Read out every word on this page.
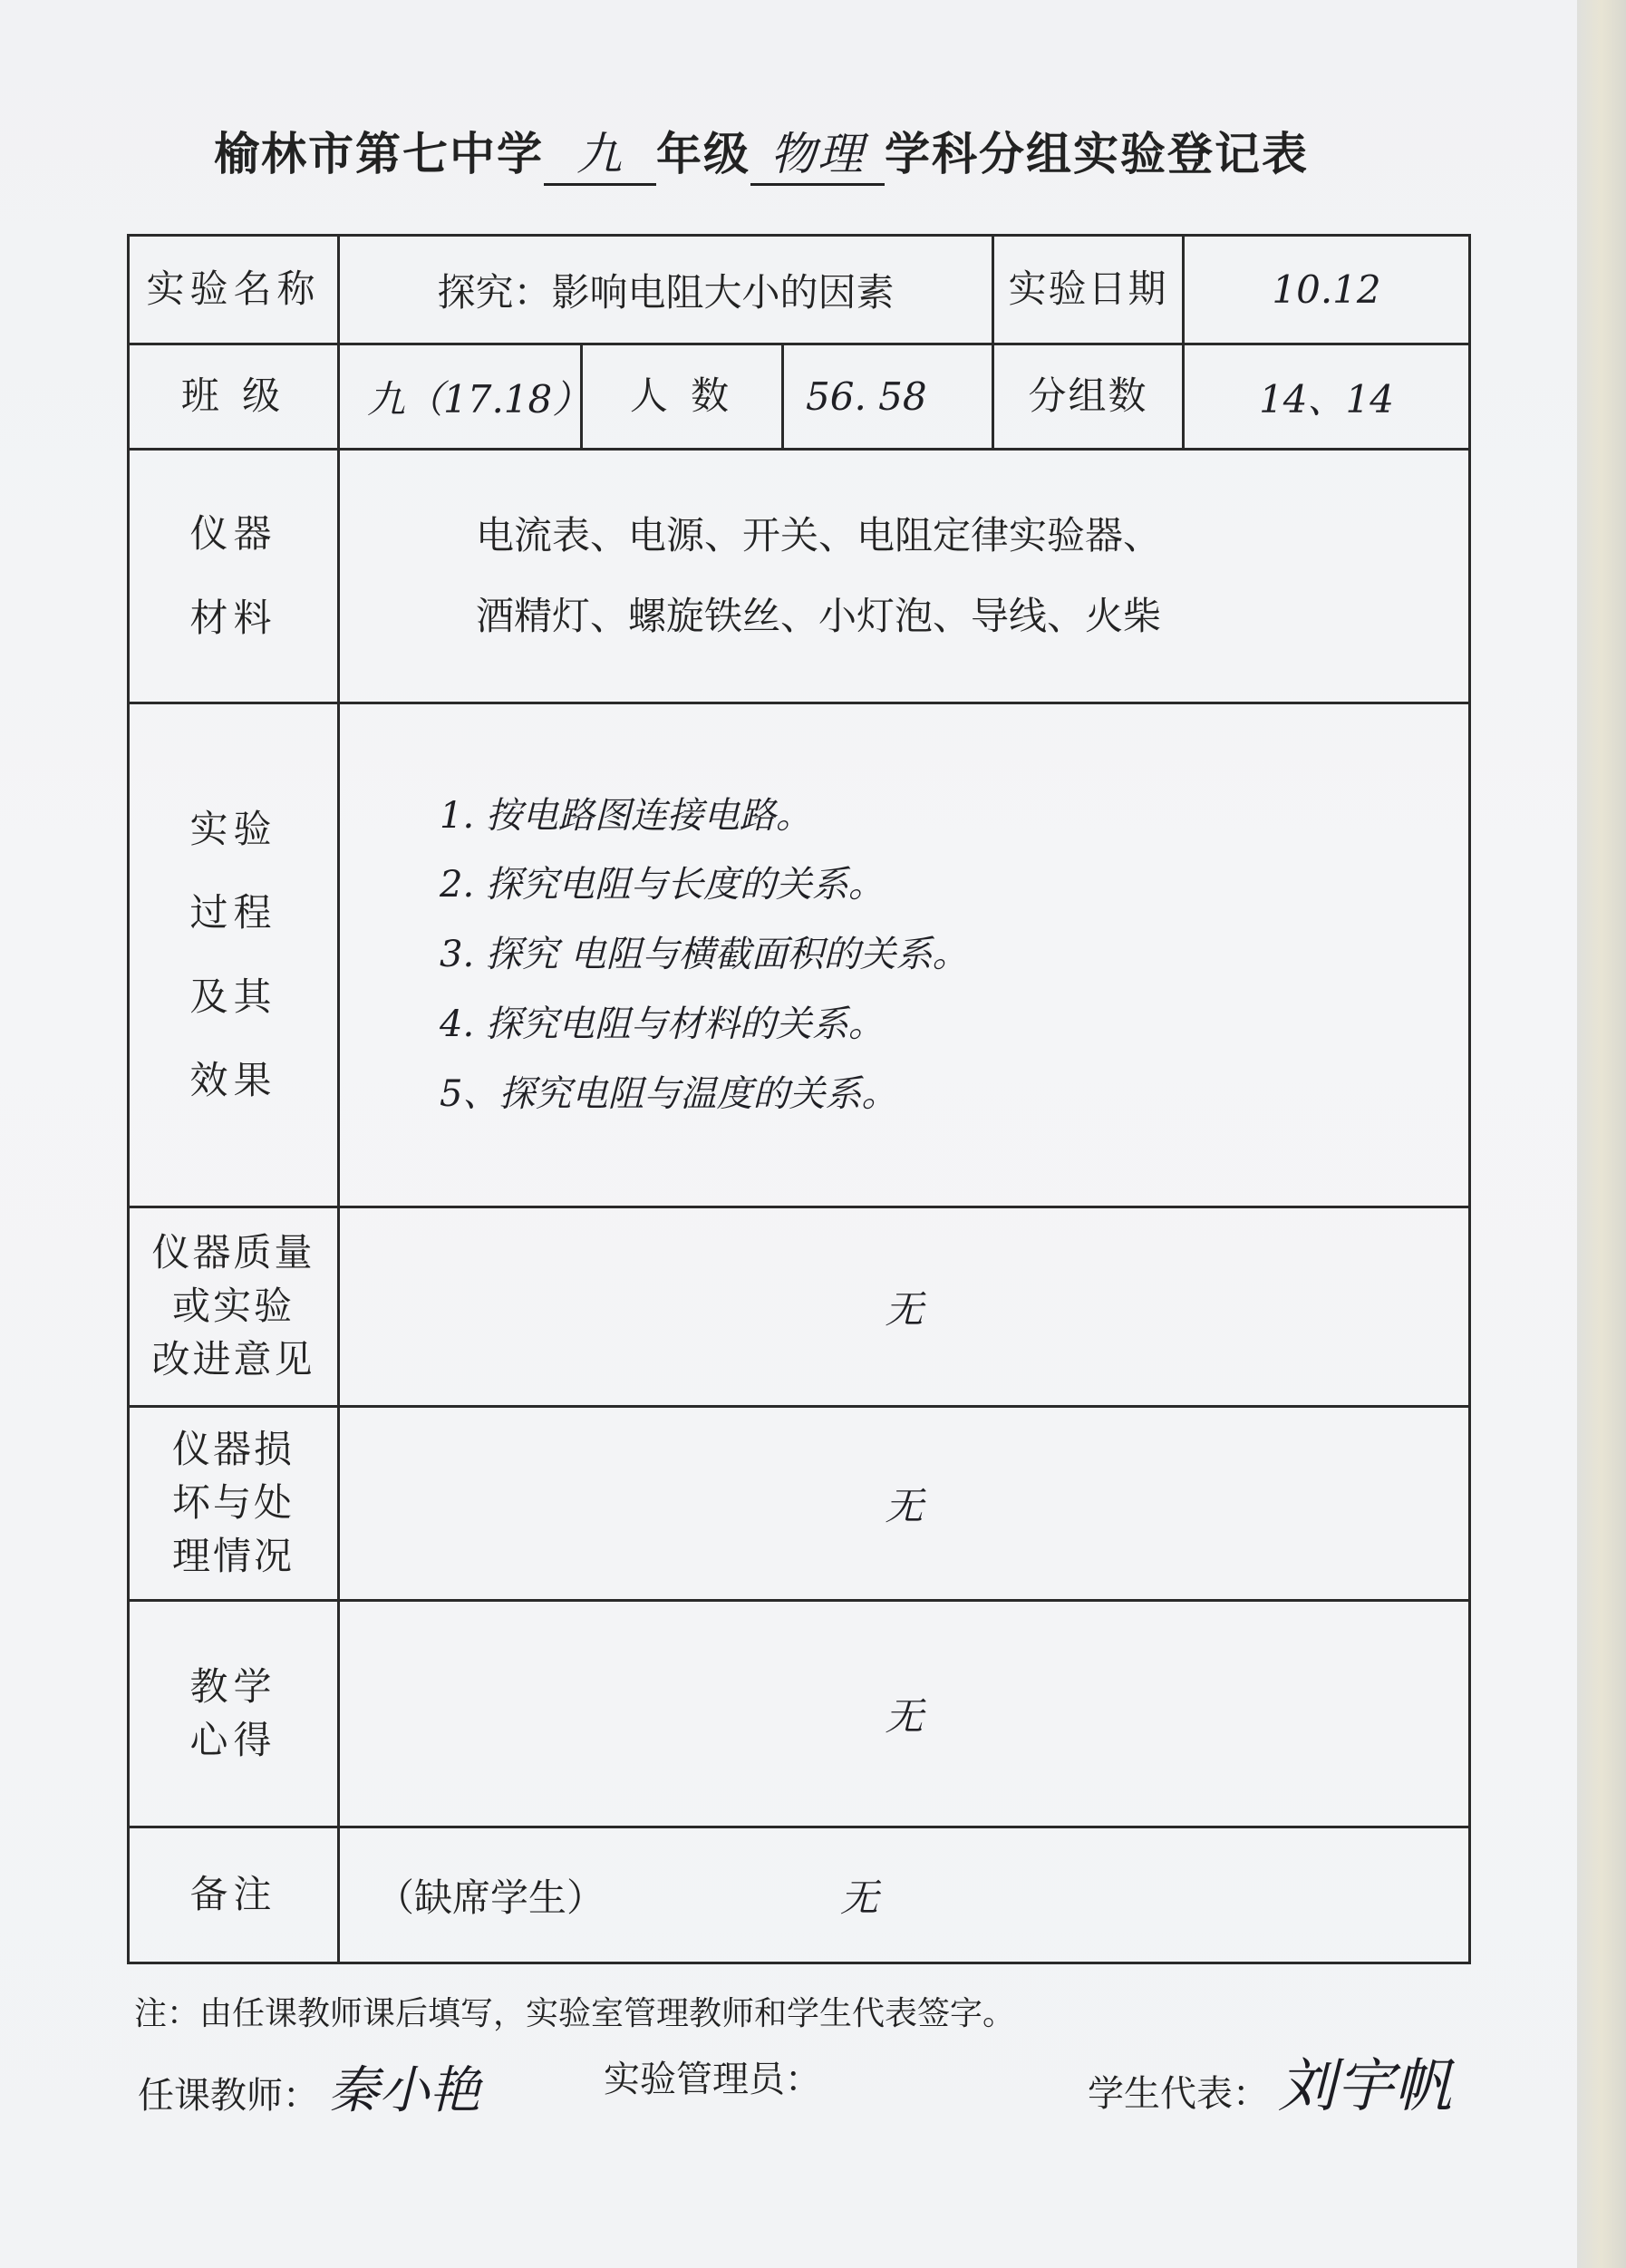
榆林市第七中学 九 年级 物理 学科分组实验登记表
实验名称	探究：影响电阻大小的因素			实验日期	10.12
班 级	九（17.18）	人 数	56. 58	分组数	14、14

仪器
材料	电流表、电源、开关、电阻定律实验器、
酒精灯、螺旋铁丝、小灯泡、导线、火柴				

实验
过程
及其
效果	1. 按电路图连接电路。
2. 探究电阻与长度的关系。
3. 探究 电阻与横截面积的关系。
4. 探究电阻与材料的关系。
5、探究电阻与温度的关系。				

仪器质量
或实验
改进意见	无				

仪器损
坏与处
理情况	无				

教学
心得	无				
备注	（缺席学生） 无				
注：由任课教师课后填写，实验室管理教师和学生代表签字。
任课教师： 秦小艳	实验管理员：	学生代表： 刘宇帆
